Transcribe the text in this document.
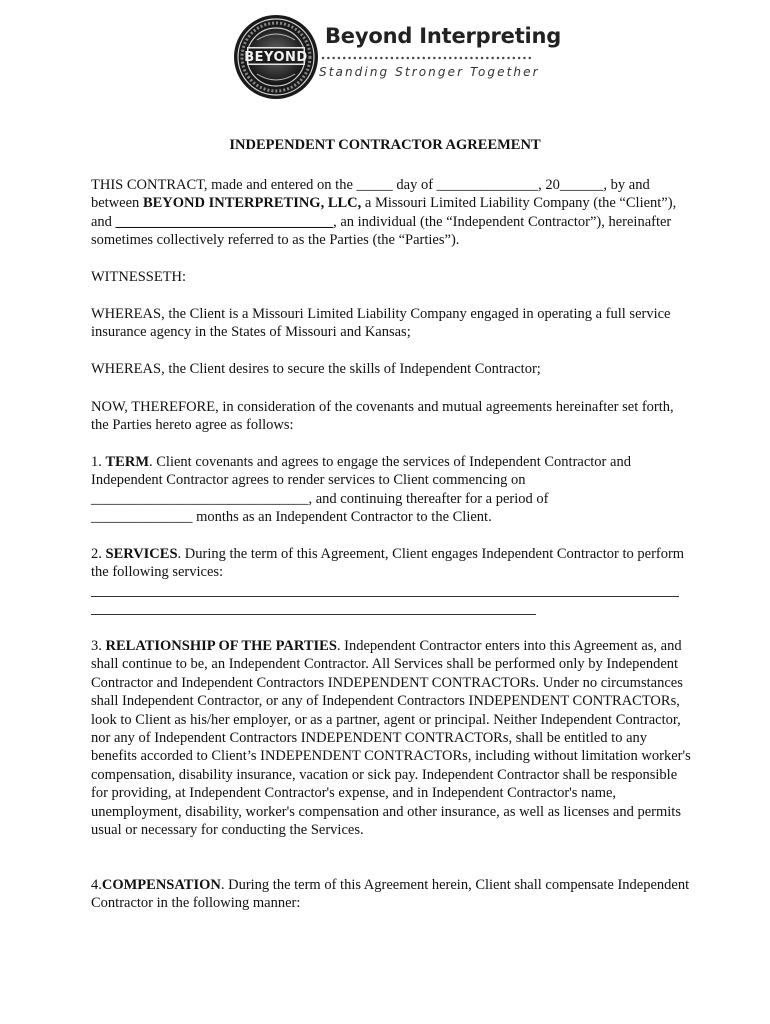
BEYOND
Beyond Interpreting
Standing Stronger Together
INDEPENDENT CONTRACTOR AGREEMENT
THIS CONTRACT, made and entered on the _____ day of ______________, 20______, by and between BEYOND INTERPRETING, LLC, a Missouri Limited Liability Company (the “Client”), and ______________________________, an individual (the “Independent Contractor”), hereinafter sometimes collectively referred to as the Parties (the “Parties”).
WITNESSETH:
WHEREAS, the Client is a Missouri Limited Liability Company engaged in operating a full service insurance agency in the States of Missouri and Kansas;
WHEREAS, the Client desires to secure the skills of Independent Contractor;
NOW, THEREFORE, in consideration of the covenants and mutual agreements hereinafter set forth, the Parties hereto agree as follows:
1. TERM. Client covenants and agrees to engage the services of Independent Contractor and Independent Contractor agrees to render services to Client commencing on
______________________________, and continuing thereafter for a period of
______________ months as an Independent Contractor to the Client.
2. SERVICES. During the term of this Agreement, Client engages Independent Contractor to perform the following services:
3. RELATIONSHIP OF THE PARTIES. Independent Contractor enters into this Agreement as, and shall continue to be, an Independent Contractor. All Services shall be performed only by Independent Contractor and Independent Contractors INDEPENDENT CONTRACTORs. Under no circumstances shall Independent Contractor, or any of Independent Contractors INDEPENDENT CONTRACTORs, look to Client as his/her employer, or as a partner, agent or principal. Neither Independent Contractor, nor any of Independent Contractors INDEPENDENT CONTRACTORs, shall be entitled to any benefits accorded to Client’s INDEPENDENT CONTRACTORs, including without limitation worker's compensation, disability insurance, vacation or sick pay. Independent Contractor shall be responsible for providing, at Independent Contractor's expense, and in Independent Contractor's name, unemployment, disability, worker's compensation and other insurance, as well as licenses and permits usual or necessary for conducting the Services.
4.COMPENSATION. During the term of this Agreement herein, Client shall compensate Independent Contractor in the following manner:
